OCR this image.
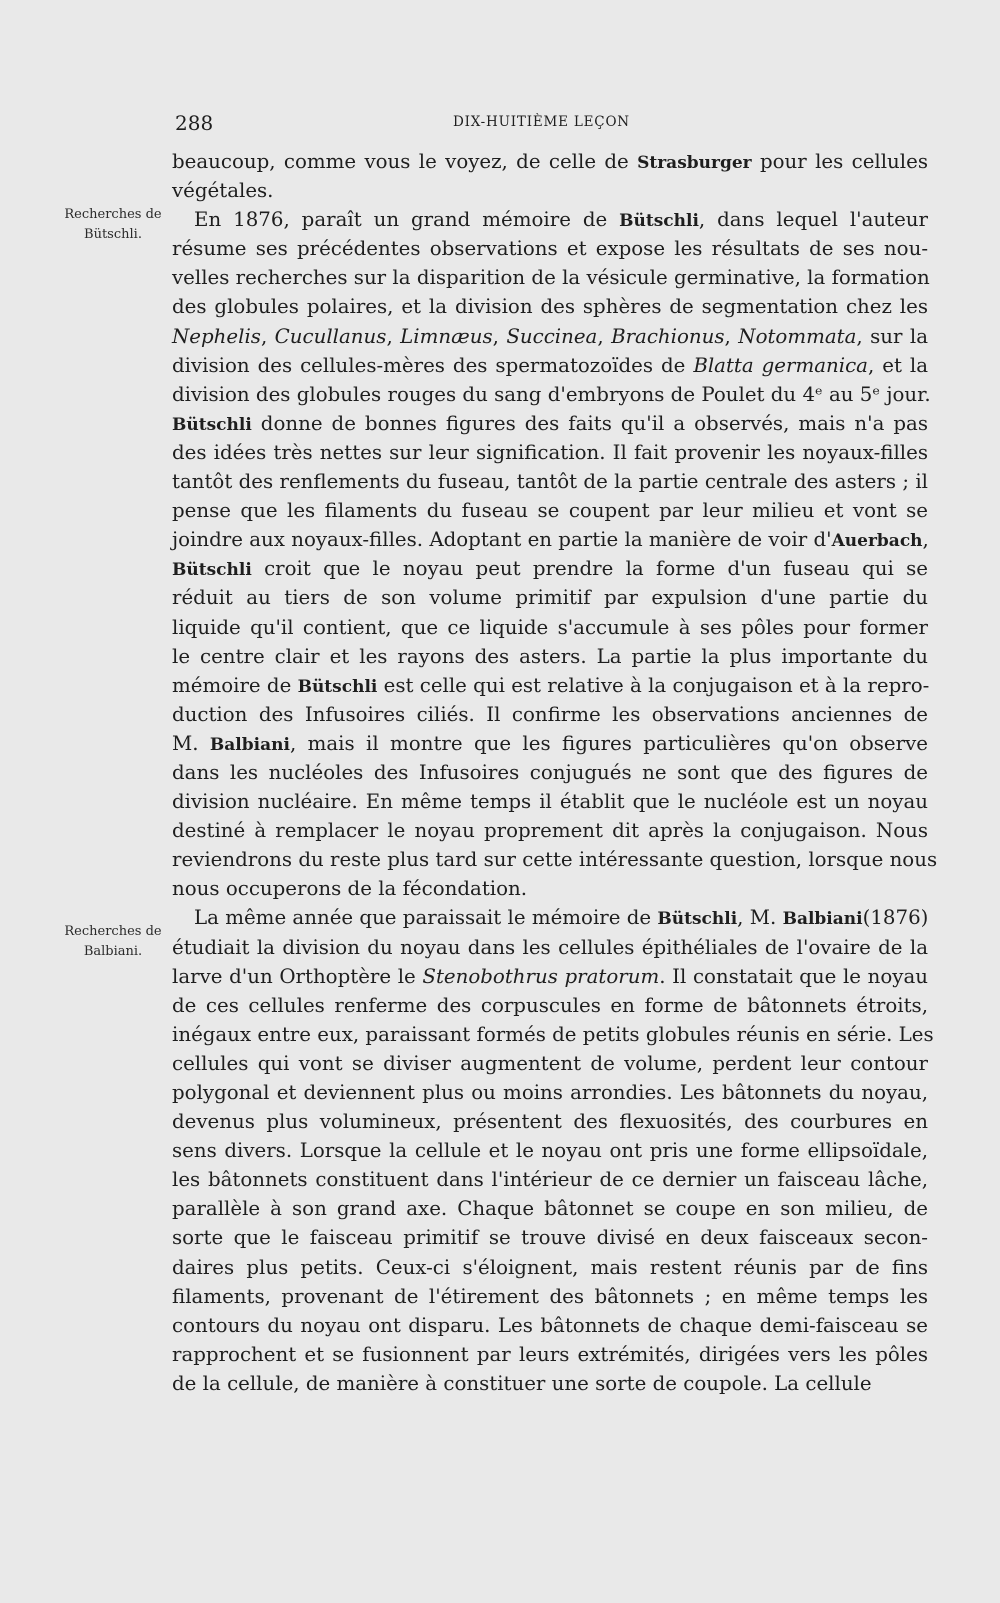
288	DIX-HUITIÈME LEÇON
Recherches de
Bütschli.
Recherches de
Balbiani.
beaucoup, comme vous le voyez, de celle de Strasburger pour les cellules
végétales.
En 1876, paraît un grand mémoire de Bütschli, dans lequel l'auteur
résume ses précédentes observations et expose les résultats de ses nou-
velles recherches sur la disparition de la vésicule germinative, la formation
des globules polaires, et la division des sphères de segmentation chez les
Nephelis, Cucullanus, Limnæus, Succinea, Brachionus, Notommata, sur la
division des cellules-mères des spermatozoïdes de Blatta germanica, et la
division des globules rouges du sang d'embryons de Poulet du 4ᵉ au 5ᵉ jour.
Bütschli donne de bonnes figures des faits qu'il a observés, mais n'a pas
des idées très nettes sur leur signification. Il fait provenir les noyaux-filles
tantôt des renflements du fuseau, tantôt de la partie centrale des asters ; il
pense que les filaments du fuseau se coupent par leur milieu et vont se
joindre aux noyaux-filles. Adoptant en partie la manière de voir d'Auerbach,
Bütschli croit que le noyau peut prendre la forme d'un fuseau qui se
réduit au tiers de son volume primitif par expulsion d'une partie du
liquide qu'il contient, que ce liquide s'accumule à ses pôles pour former
le centre clair et les rayons des asters. La partie la plus importante du
mémoire de Bütschli est celle qui est relative à la conjugaison et à la repro-
duction des Infusoires ciliés. Il confirme les observations anciennes de
M. Balbiani, mais il montre que les figures particulières qu'on observe
dans les nucléoles des Infusoires conjugués ne sont que des figures de
division nucléaire. En même temps il établit que le nucléole est un noyau
destiné à remplacer le noyau proprement dit après la conjugaison. Nous
reviendrons du reste plus tard sur cette intéressante question, lorsque nous
nous occuperons de la fécondation.
La même année que paraissait le mémoire de Bütschli, M. Balbiani(1876)
étudiait la division du noyau dans les cellules épithéliales de l'ovaire de la
larve d'un Orthoptère le Stenobothrus pratorum. Il constatait que le noyau
de ces cellules renferme des corpuscules en forme de bâtonnets étroits,
inégaux entre eux, paraissant formés de petits globules réunis en série. Les
cellules qui vont se diviser augmentent de volume, perdent leur contour
polygonal et deviennent plus ou moins arrondies. Les bâtonnets du noyau,
devenus plus volumineux, présentent des flexuosités, des courbures en
sens divers. Lorsque la cellule et le noyau ont pris une forme ellipsoïdale,
les bâtonnets constituent dans l'intérieur de ce dernier un faisceau lâche,
parallèle à son grand axe. Chaque bâtonnet se coupe en son milieu, de
sorte que le faisceau primitif se trouve divisé en deux faisceaux secon-
daires plus petits. Ceux-ci s'éloignent, mais restent réunis par de fins
filaments, provenant de l'étirement des bâtonnets ; en même temps les
contours du noyau ont disparu. Les bâtonnets de chaque demi-faisceau se
rapprochent et se fusionnent par leurs extrémités, dirigées vers les pôles
de la cellule, de manière à constituer une sorte de coupole. La cellule
